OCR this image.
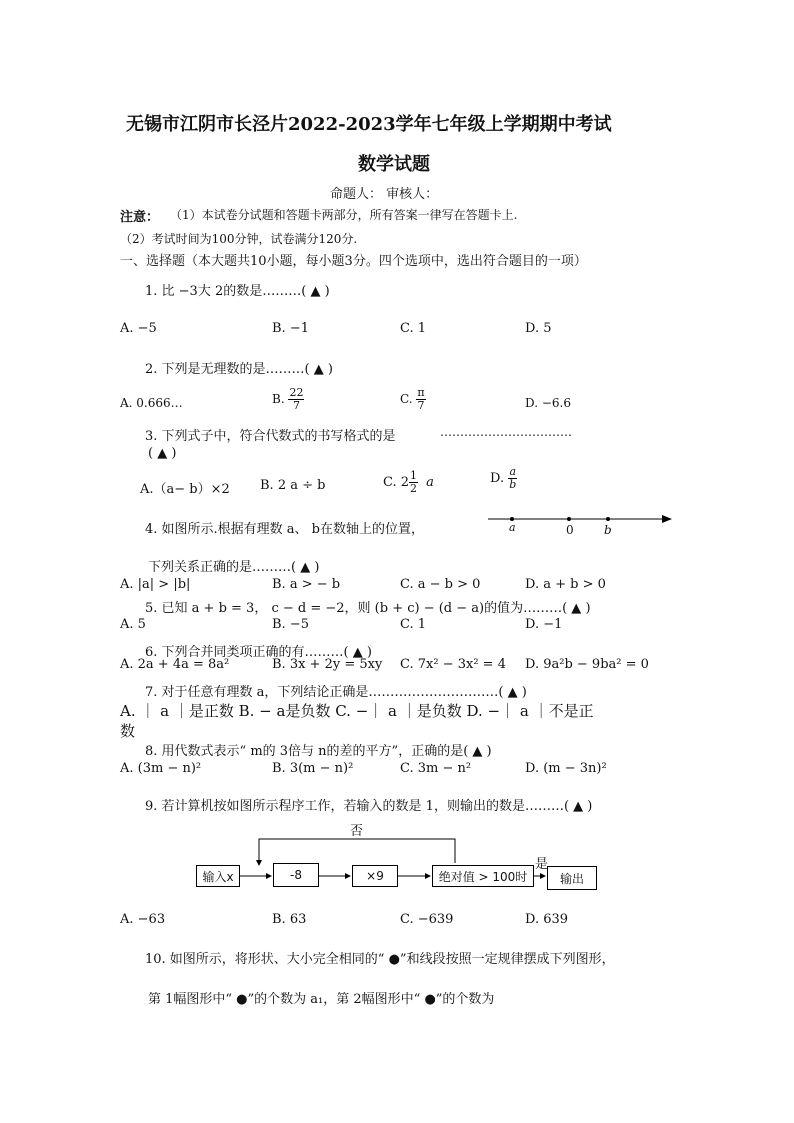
无锡市江阴市长泾片2022-2023学年七年级上学期期中考试
数学试题
命题人： 审核人：
注意： （1）本试卷分试题和答题卡两部分，所有答案一律写在答题卡上.
（2）考试时间为100分钟，试卷满分120分.
一、选择题（本大题共10小题，每小题3分。四个选项中，选出符合题目的一项）
1. 比 −3大 2的数是………( ▲ )
A. −5	B. −1	C. 1	D. 5
2. 下列是无理数的是………( ▲ )
A. 0.666…	B. $\frac{22}{7}$	C. $\frac{\pi}{7}$	D. −6.6
3. 下列式子中，符合代数式的书写格式的是	……………………………
( ▲ )
A.（a− b）×2 B. 2 a ÷ b	C. $2 \frac{1}{2}$ a	D. $\frac{a}{b}$
4. 如图所示.根据有理数 a、 b在数轴上的位置，	a	0	b
下列关系正确的是………( ▲ )
A. |a| > |b|	B. a > − b	C. a − b > 0	D. a + b > 0
5. 已知 a + b = 3， c − d = −2，则 (b + c) − (d − a)的值为………( ▲ )
A. 5	B. −5	C. 1	D. −1
6. 下列合并同类项正确的有………( ▲ )
A. 2a + 4a = 8a²	B. 3x + 2y = 5xy C. 7x² − 3x² = 4 D. 9a²b − 9ba² = 0
7. 对于任意有理数 a，下列结论正确是…………………………( ▲ )
A. ｜ a ｜是正数 B. − a是负数 C. −｜ a ｜是负数 D. −｜ a ｜不是正
数
8. 用代数式表示“ m的 3倍与 n的差的平方”，正确的是( ▲ )
A. (3m − n)²	B. 3(m − n)²	C. 3m − n²	D. (m − 3n)²
9. 若计算机按如图所示程序工作，若输入的数是 1，则输出的数是………( ▲ )
否
是
输入x	-8	×9	绝对值 > 100时	输出
A. −63	B. 63	C. −639	D. 639
10. 如图所示，将形状、大小完全相同的“ ●”和线段按照一定规律摆成下列图形，
第 1幅图形中“ ●”的个数为 a₁，第 2幅图形中“ ●”的个数为
